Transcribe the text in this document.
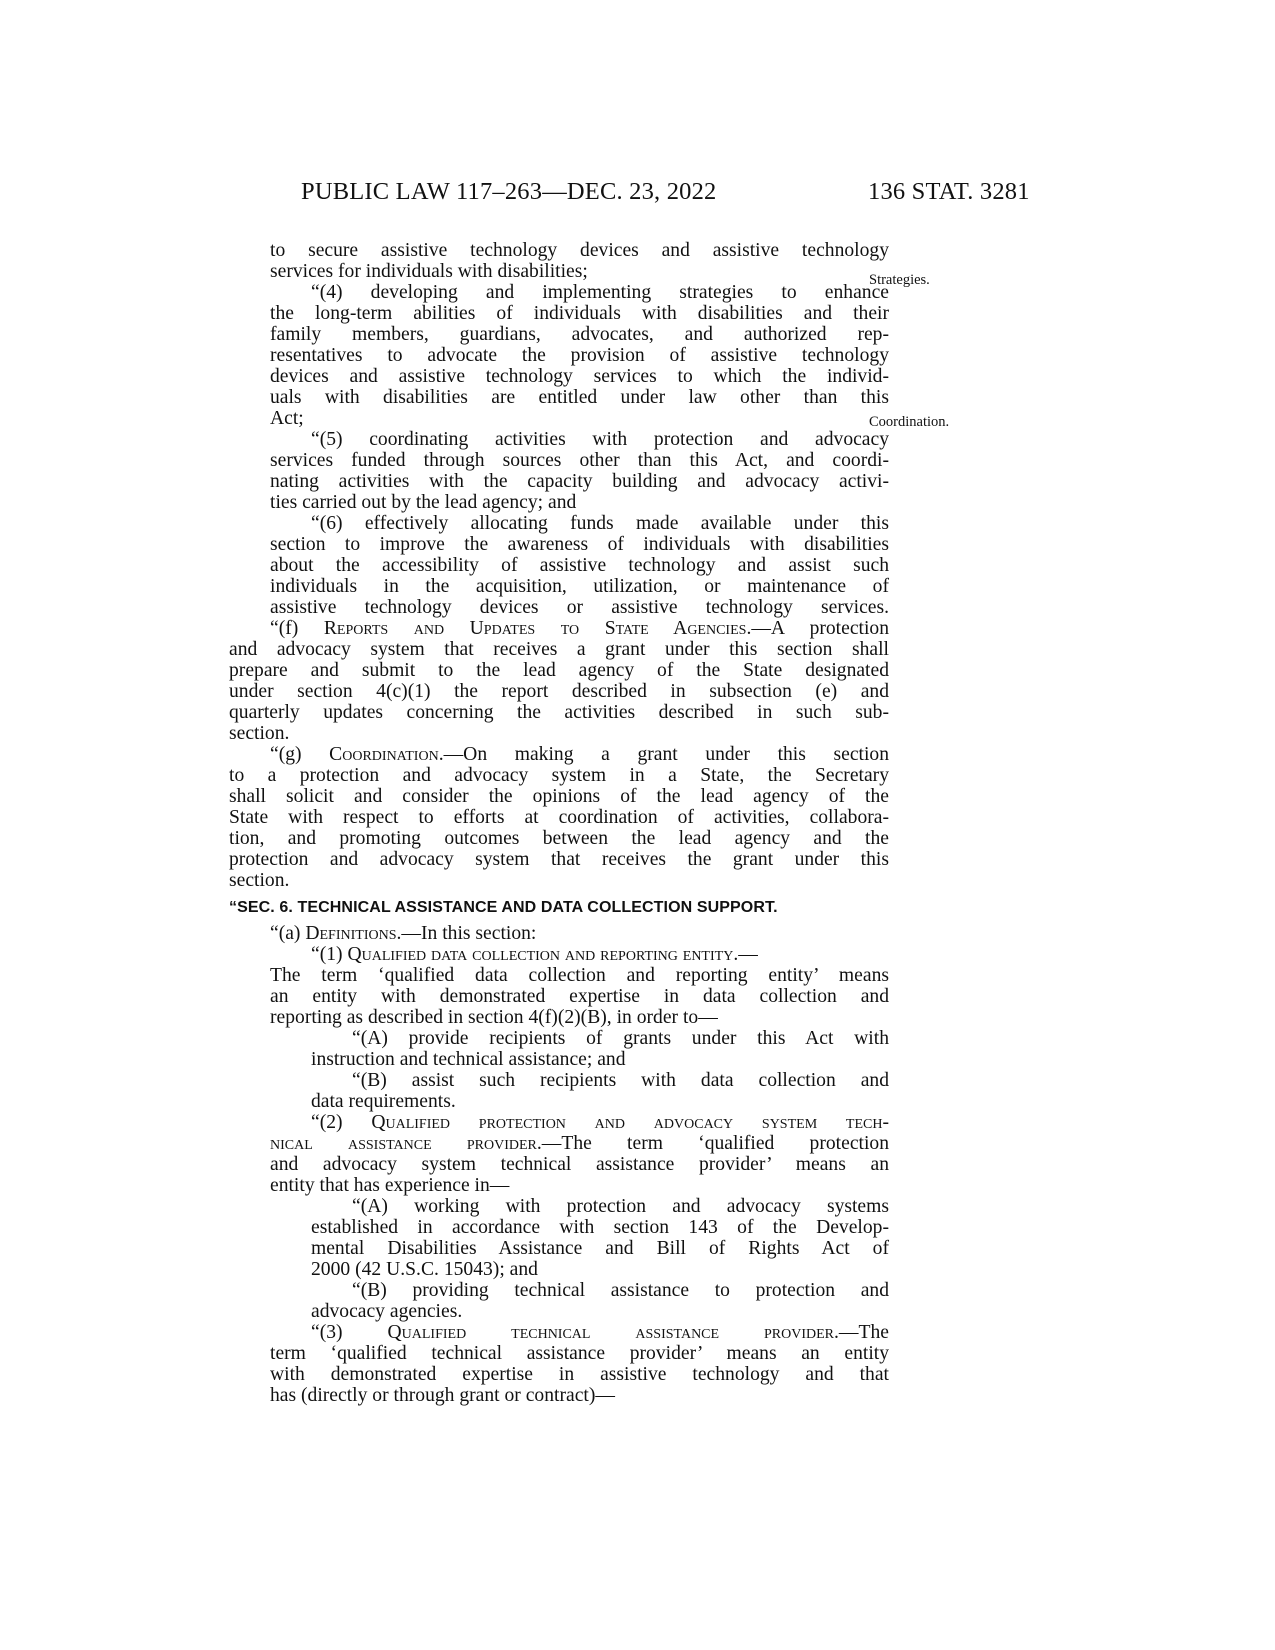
PUBLIC LAW 117–263—DEC. 23, 2022	136 STAT. 3281
Strategies.
Coordination.
to secure assistive technology devices and assistive technology
services for individuals with disabilities;
“(4) developing and implementing strategies to enhance
the long-term abilities of individuals with disabilities and their
family members, guardians, advocates, and authorized rep-
resentatives to advocate the provision of assistive technology
devices and assistive technology services to which the individ-
uals with disabilities are entitled under law other than this
Act;
“(5) coordinating activities with protection and advocacy
services funded through sources other than this Act, and coordi-
nating activities with the capacity building and advocacy activi-
ties carried out by the lead agency; and
“(6) effectively allocating funds made available under this
section to improve the awareness of individuals with disabilities
about the accessibility of assistive technology and assist such
individuals in the acquisition, utilization, or maintenance of
assistive technology devices or assistive technology services.
“(f) Reports and Updates to State Agencies.—A protection
and advocacy system that receives a grant under this section shall
prepare and submit to the lead agency of the State designated
under section 4(c)(1) the report described in subsection (e) and
quarterly updates concerning the activities described in such sub-
section.
“(g) Coordination.—On making a grant under this section
to a protection and advocacy system in a State, the Secretary
shall solicit and consider the opinions of the lead agency of the
State with respect to efforts at coordination of activities, collabora-
tion, and promoting outcomes between the lead agency and the
protection and advocacy system that receives the grant under this
section.
“SEC. 6. TECHNICAL ASSISTANCE AND DATA COLLECTION SUPPORT.
“(a) Definitions.—In this section:
“(1) Qualified data collection and reporting entity.—
The term ‘qualified data collection and reporting entity’ means
an entity with demonstrated expertise in data collection and
reporting as described in section 4(f)(2)(B), in order to—
“(A) provide recipients of grants under this Act with
instruction and technical assistance; and
“(B) assist such recipients with data collection and
data requirements.
“(2) Qualified protection and advocacy system tech-
nical assistance provider.—The term ‘qualified protection
and advocacy system technical assistance provider’ means an
entity that has experience in—
“(A) working with protection and advocacy systems
established in accordance with section 143 of the Develop-
mental Disabilities Assistance and Bill of Rights Act of
2000 (42 U.S.C. 15043); and
“(B) providing technical assistance to protection and
advocacy agencies.
“(3) Qualified technical assistance provider.—The
term ‘qualified technical assistance provider’ means an entity
with demonstrated expertise in assistive technology and that
has (directly or through grant or contract)—
